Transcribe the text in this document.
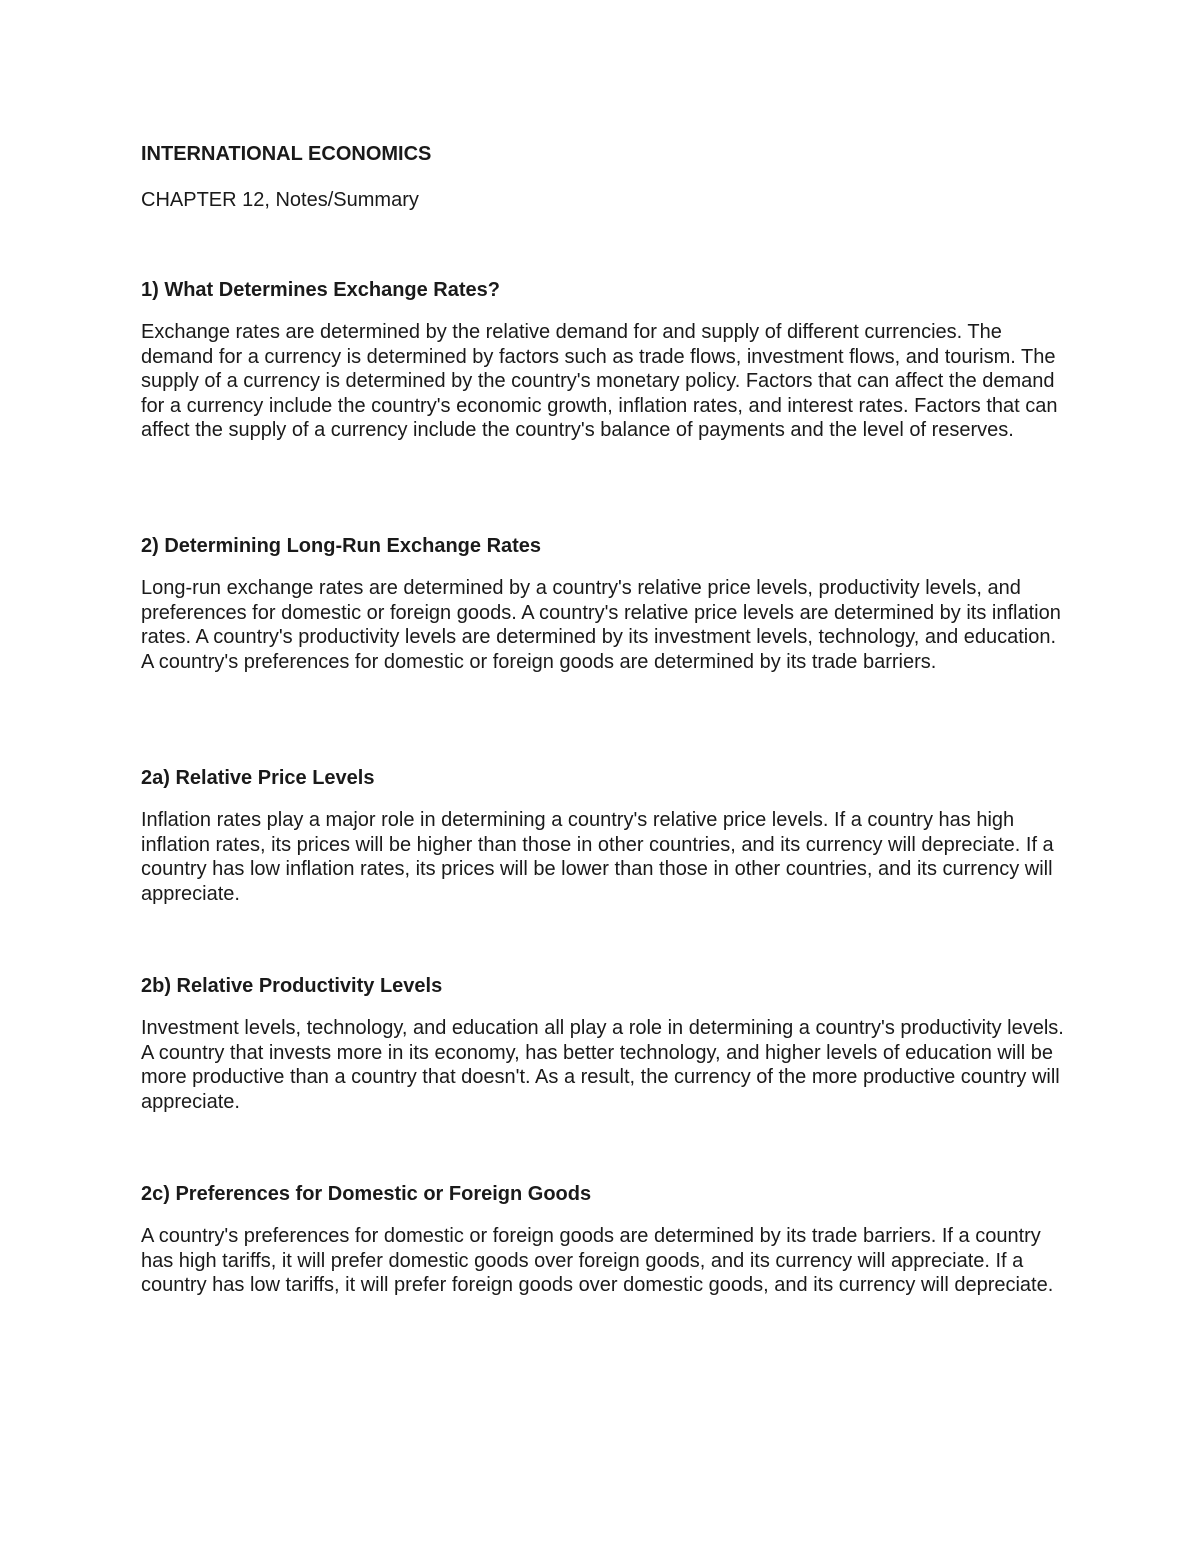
INTERNATIONAL ECONOMICS

CHAPTER 12, Notes/Summary

1) What Determines Exchange Rates?

Exchange rates are determined by the relative demand for and supply of different currencies. The demand for a currency is determined by factors such as trade flows, investment flows, and tourism. The supply of a currency is determined by the country's monetary policy. Factors that can affect the demand for a currency include the country's economic growth, inflation rates, and interest rates. Factors that can affect the supply of a currency include the country's balance of payments and the level of reserves.

2) Determining Long-Run Exchange Rates

Long-run exchange rates are determined by a country's relative price levels, productivity levels, and preferences for domestic or foreign goods. A country's relative price levels are determined by its inflation rates. A country's productivity levels are determined by its investment levels, technology, and education. A country's preferences for domestic or foreign goods are determined by its trade barriers.

2a) Relative Price Levels

Inflation rates play a major role in determining a country's relative price levels. If a country has high inflation rates, its prices will be higher than those in other countries, and its currency will depreciate. If a country has low inflation rates, its prices will be lower than those in other countries, and its currency will appreciate.

2b) Relative Productivity Levels

Investment levels, technology, and education all play a role in determining a country's productivity levels. A country that invests more in its economy, has better technology, and higher levels of education will be more productive than a country that doesn't. As a result, the currency of the more productive country will appreciate.

2c) Preferences for Domestic or Foreign Goods

A country's preferences for domestic or foreign goods are determined by its trade barriers. If a country has high tariffs, it will prefer domestic goods over foreign goods, and its currency will appreciate. If a country has low tariffs, it will prefer foreign goods over domestic goods, and its currency will depreciate.
